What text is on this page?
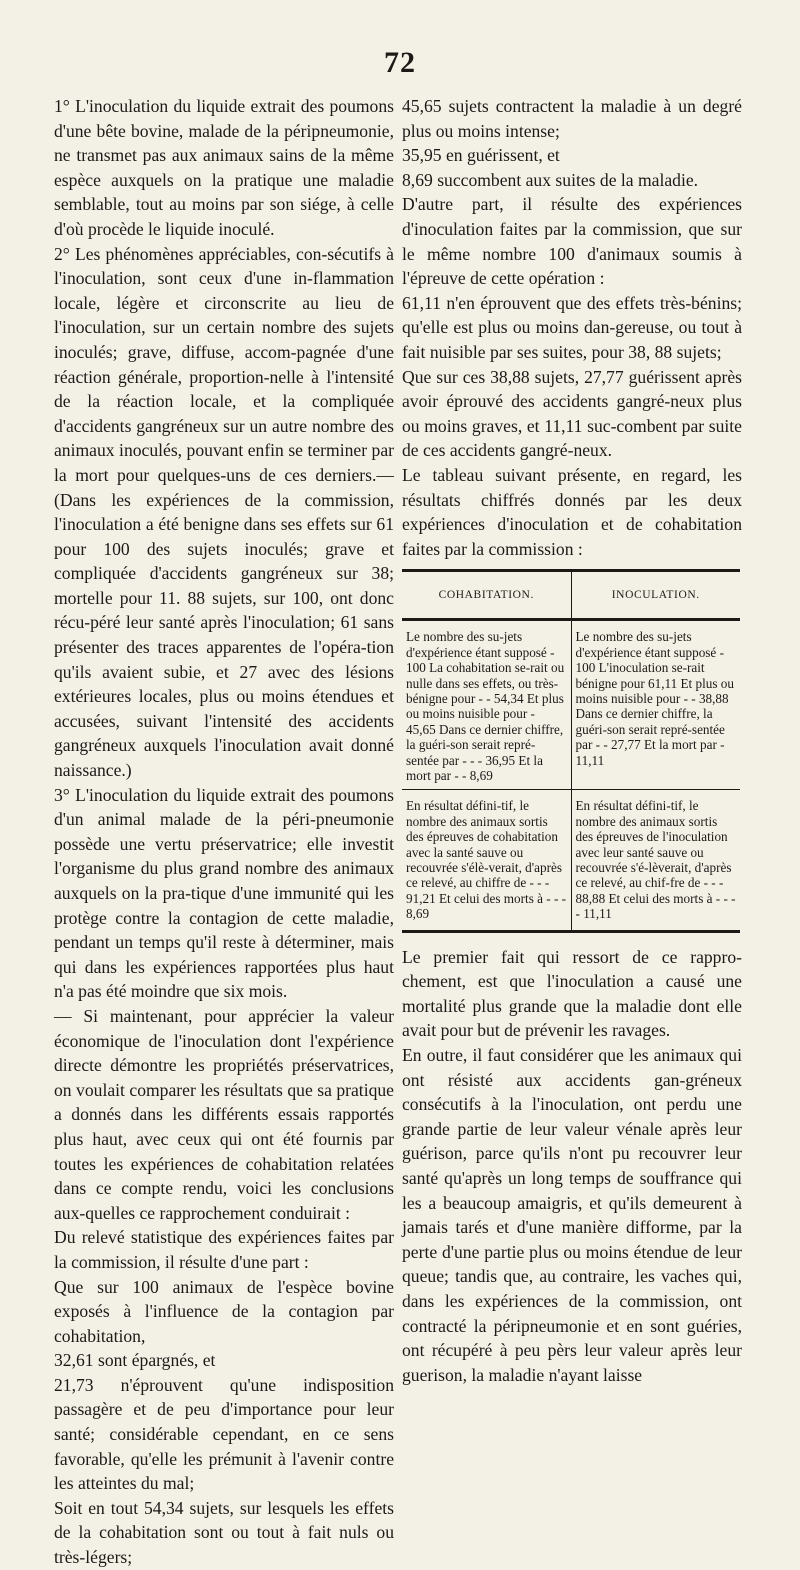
72

1° L'inoculation du liquide extrait des poumons d'une bête bovine, malade de la péripneumonie, ne transmet pas aux animaux sains de la même espèce auxquels on la pratique une maladie semblable, tout au moins par son siége, à celle d'où procède le liquide inoculé.

2° Les phénomènes appréciables, con-sécutifs à l'inoculation, sont ceux d'une in-flammation locale, légère et circonscrite au lieu de l'inoculation, sur un certain nombre des sujets inoculés; grave, diffuse, accom-pagnée d'une réaction générale, proportion-nelle à l'intensité de la réaction locale, et la compliquée d'accidents gangréneux sur un autre nombre des animaux inoculés, pouvant enfin se terminer par la mort pour quelques-uns de ces derniers.—(Dans les expériences de la commission, l'inoculation a été benigne dans ses effets sur 61 pour 100 des sujets inoculés; grave et compliquée d'accidents gangréneux sur 38; mortelle pour 11. 88 sujets, sur 100, ont donc récu-péré leur santé après l'inoculation; 61 sans présenter des traces apparentes de l'opéra-tion qu'ils avaient subie, et 27 avec des lésions extérieures locales, plus ou moins étendues et accusées, suivant l'intensité des accidents gangréneux auxquels l'inoculation avait donné naissance.)

3° L'inoculation du liquide extrait des poumons d'un animal malade de la péri-pneumonie possède une vertu préservatrice; elle investit l'organisme du plus grand nombre des animaux auxquels on la pra-tique d'une immunité qui les protège contre la contagion de cette maladie, pendant un temps qu'il reste à déterminer, mais qui dans les expériences rapportées plus haut n'a pas été moindre que six mois.

— Si maintenant, pour apprécier la valeur économique de l'inoculation dont l'expérience directe démontre les propriétés préservatrices, on voulait comparer les résultats que sa pratique a donnés dans les différents essais rapportés plus haut, avec ceux qui ont été fournis par toutes les expériences de cohabitation relatées dans ce compte rendu, voici les conclusions aux-quelles ce rapprochement conduirait :

Du relevé statistique des expériences faites par la commission, il résulte d'une part :

Que sur 100 animaux de l'espèce bovine exposés à l'influence de la contagion par cohabitation,

32,61 sont épargnés, et

21,73 n'éprouvent qu'une indisposition passagère et de peu d'importance pour leur santé; considérable cependant, en ce sens favorable, qu'elle les prémunit à l'avenir contre les atteintes du mal;

Soit en tout 54,34 sujets, sur lesquels les effets de la cohabitation sont ou tout à fait nuls ou très-légers;

45,65 sujets contractent la maladie à un degré plus ou moins intense;

35,95 en guérissent, et

8,69 succombent aux suites de la maladie.

D'autre part, il résulte des expériences d'inoculation faites par la commission, que sur le même nombre 100 d'animaux soumis à l'épreuve de cette opération :

61,11 n'en éprouvent que des effets très-bénins; qu'elle est plus ou moins dan-gereuse, ou tout à fait nuisible par ses suites, pour 38, 88 sujets;

Que sur ces 38,88 sujets, 27,77 guérissent après avoir éprouvé des accidents gangré-neux plus ou moins graves, et 11,11 suc-combent par suite de ces accidents gangré-neux.

Le tableau suivant présente, en regard, les résultats chiffrés donnés par les deux expériences d'inoculation et de cohabitation faites par la commission :

COHABITATION.	INOCULATION.
Le nombre des su-jets d'expérience étant supposé - 100 La cohabitation se-rait ou nulle dans ses effets, ou très-bénigne pour - - 54,34 Et plus ou moins nuisible pour - 45,65 Dans ce dernier chiffre, la guéri-son serait repré-sentée par - - - 36,95 Et la mort par - - 8,69
Le nombre des su-jets d'expérience étant supposé - 100 L'inoculation se-rait bénigne pour 61,11 Et plus ou moins nuisible pour - - 38,88 Dans ce dernier chiffre, la guéri-son serait repré-sentée par - - 27,77 Et la mort par - 11,11
En résultat défini-tif, le nombre des animaux sortis des épreuves de cohabitation avec la santé sauve ou recouvrée s'élè-verait, d'après ce relevé, au chiffre de - - - 91,21 Et celui des morts à - - - 8,69
En résultat défini-tif, le nombre des animaux sortis des épreuves de l'inoculation avec leur santé sauve ou recouvrée s'é-lèverait, d'après ce relevé, au chif-fre de - - - 88,88 Et celui des morts à - - - - 11,11

Le premier fait qui ressort de ce rappro-chement, est que l'inoculation a causé une mortalité plus grande que la maladie dont elle avait pour but de prévenir les ravages.

En outre, il faut considérer que les animaux qui ont résisté aux accidents gan-gréneux consécutifs à la l'inoculation, ont perdu une grande partie de leur valeur vénale après leur guérison, parce qu'ils n'ont pu recouvrer leur santé qu'après un long temps de souffrance qui les a beaucoup amaigris, et qu'ils demeurent à jamais tarés et d'une manière difforme, par la perte d'une partie plus ou moins étendue de leur queue; tandis que, au contraire, les vaches qui, dans les expériences de la commission, ont contracté la péripneumonie et en sont guéries, ont récupéré à peu pèrs leur valeur après leur guerison, la maladie n'ayant laisse
